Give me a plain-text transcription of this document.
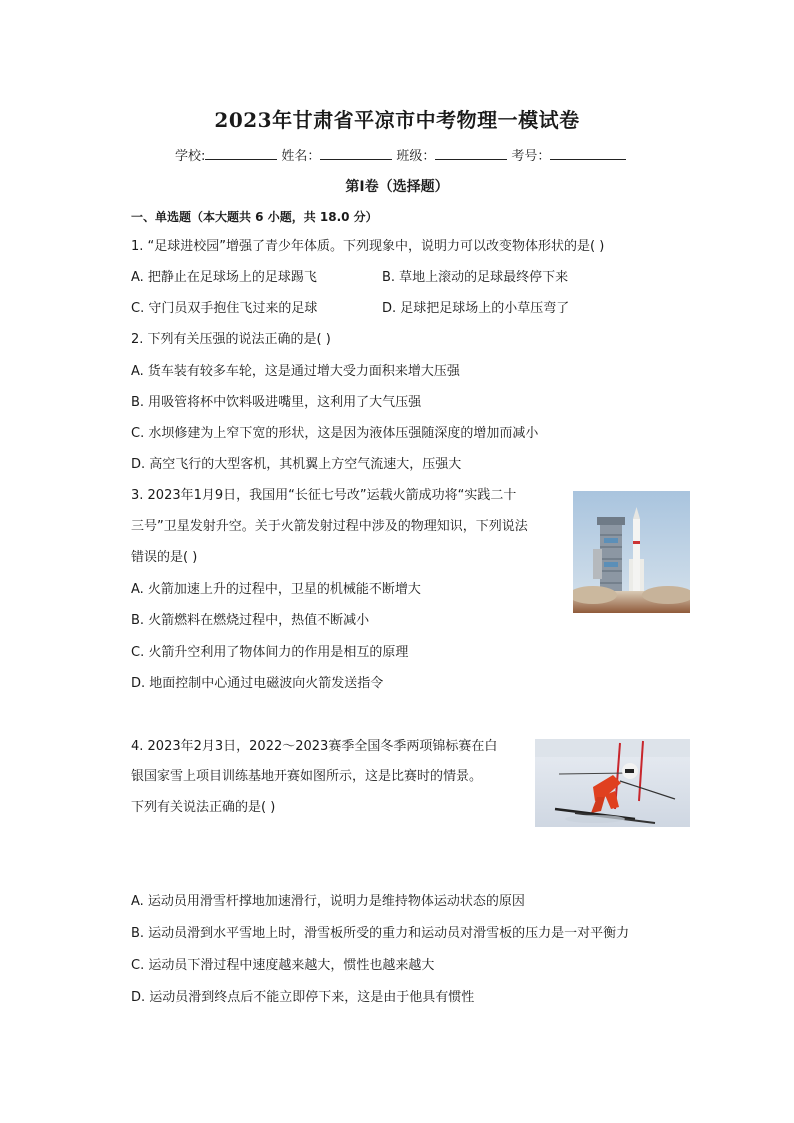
2023年甘肃省平凉市中考物理一模试卷
学校:	姓名：	班级：	考号：
第I卷（选择题）
一、单选题（本大题共 6 小题，共 18.0 分）
1. “足球进校园”增强了青少年体质。下列现象中，说明力可以改变物体形状的是( )
A. 把静止在足球场上的足球踢飞	B. 草地上滚动的足球最终停下来
C. 守门员双手抱住飞过来的足球	D. 足球把足球场上的小草压弯了
2. 下列有关压强的说法正确的是( )
A. 货车装有较多车轮，这是通过增大受力面积来增大压强
B. 用吸管将杯中饮料吸进嘴里，这利用了大气压强
C. 水坝修建为上窄下宽的形状，这是因为液体压强随深度的增加而减小
D. 高空飞行的大型客机，其机翼上方空气流速大，压强大
3. 2023年1月9日，我国用“长征七号改”运载火箭成功将“实践二十
三号”卫星发射升空。关于火箭发射过程中涉及的物理知识，下列说法
错误的是( )
A. 火箭加速上升的过程中，卫星的机械能不断增大
B. 火箭燃料在燃烧过程中，热值不断减小
C. 火箭升空利用了物体间力的作用是相互的原理
D. 地面控制中心通过电磁波向火箭发送指令
4. 2023年2月3日，2022～2023赛季全国冬季两项锦标赛在白
银国家雪上项目训练基地开赛如图所示，这是比赛时的情景。
下列有关说法正确的是( )
A. 运动员用滑雪杆撑地加速滑行，说明力是维持物体运动状态的原因
B. 运动员滑到水平雪地上时，滑雪板所受的重力和运动员对滑雪板的压力是一对平衡力
C. 运动员下滑过程中速度越来越大，惯性也越来越大
D. 运动员滑到终点后不能立即停下来，这是由于他具有惯性
